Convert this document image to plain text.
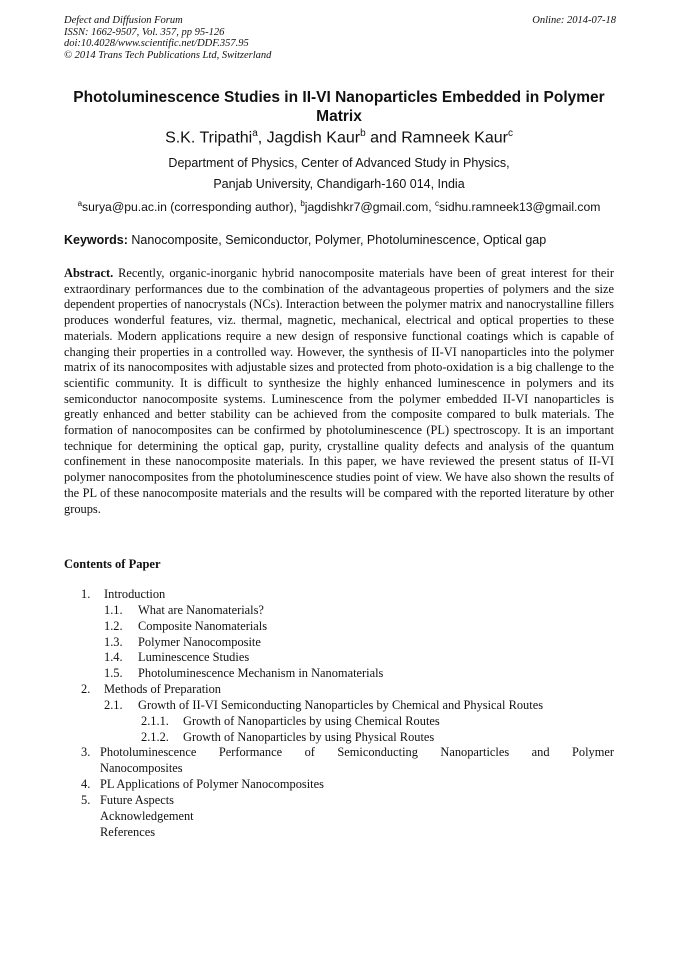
Defect and Diffusion Forum
ISSN: 1662-9507, Vol. 357, pp 95-126
doi:10.4028/www.scientific.net/DDF.357.95
© 2014 Trans Tech Publications Ltd, Switzerland
Online: 2014-07-18
Photoluminescence Studies in II-VI Nanoparticles Embedded in Polymer Matrix
S.K. Tripathi$^a$, Jagdish Kaur$^b$ and Ramneek Kaur$^c$
Department of Physics, Center of Advanced Study in Physics,
Panjab University, Chandigarh-160 014, India
$^a$surya@pu.ac.in (corresponding author), $^b$jagdishkr7@gmail.com, $^c$sidhu.ramneek13@gmail.com
Keywords: Nanocomposite, Semiconductor, Polymer, Photoluminescence, Optical gap
Abstract. Recently, organic-inorganic hybrid nanocomposite materials have been of great interest for their extraordinary performances due to the combination of the advantageous properties of polymers and the size dependent properties of nanocrystals (NCs). Interaction between the polymer matrix and nanocrystalline fillers produces wonderful features, viz. thermal, magnetic, mechanical, electrical and optical properties to these materials. Modern applications require a new design of responsive functional coatings which is capable of changing their properties in a controlled way. However, the synthesis of II-VI nanoparticles into the polymer matrix of its nanocomposites with adjustable sizes and protected from photo-oxidation is a big challenge to the scientific community. It is difficult to synthesize the highly enhanced luminescence in polymers and its semiconductor nanocomposite systems. Luminescence from the polymer embedded II-VI nanoparticles is greatly enhanced and better stability can be achieved from the composite compared to bulk materials. The formation of nanocomposites can be confirmed by photoluminescence (PL) spectroscopy. It is an important technique for determining the optical gap, purity, crystalline quality defects and analysis of the quantum confinement in these nanocomposite materials. In this paper, we have reviewed the present status of II-VI polymer nanocomposites from the photoluminescence studies point of view. We have also shown the results of the PL of these nanocomposite materials and the results will be compared with the reported literature by other groups.
Contents of Paper
1. Introduction
1.1. What are Nanomaterials?
1.2. Composite Nanomaterials
1.3. Polymer Nanocomposite
1.4. Luminescence Studies
1.5. Photoluminescence Mechanism in Nanomaterials
2. Methods of Preparation
2.1. Growth of II-VI Semiconducting Nanoparticles by Chemical and Physical Routes
2.1.1. Growth of Nanoparticles by using Chemical Routes
2.1.2. Growth of Nanoparticles by using Physical Routes
3. Photoluminescence Performance of Semiconducting Nanoparticles and Polymer
Nanocomposites
4. PL Applications of Polymer Nanocomposites
5. Future Aspects
Acknowledgement
References
